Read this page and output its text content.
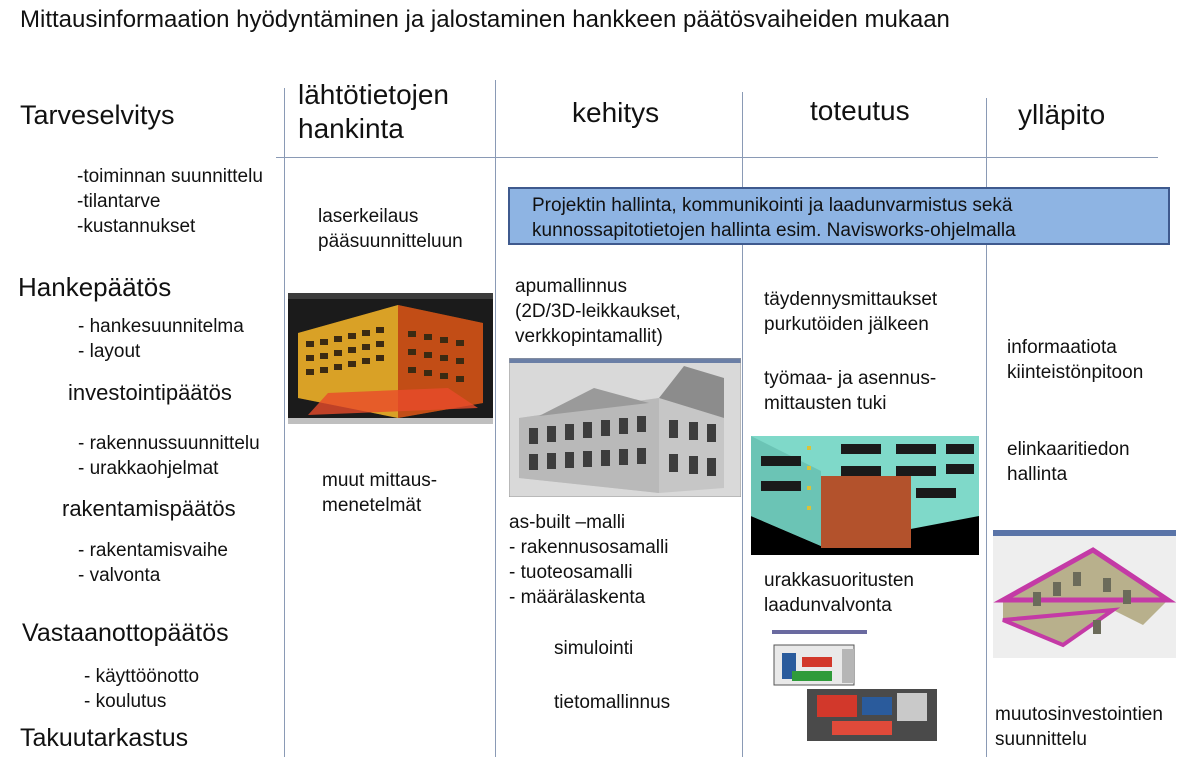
Mittausinformaation hyödyntäminen ja jalostaminen hankkeen päätösvaiheiden mukaan
Tarveselvitys
-toiminnan suunnittelu
-tilantarve
-kustannukset
Hankepäätös
- hankesuunnitelma
- layout
investointipäätös
- rakennussuunnittelu
- urakkaohjelmat
rakentamispäätös
- rakentamisvaihe
- valvonta
Vastaanottopäätös
- käyttöönotto
- koulutus
Takuutarkastus
lähtötietojen
hankinta
kehitys	toteutus	ylläpito
Projektin hallinta, kommunikointi ja laadunvarmistus sekä
kunnossapitotietojen hallinta esim. Navisworks-ohjelmalla
laserkeilaus
pääsuunnitteluun
muut mittaus-
menetelmät
apumallinnus
(2D/3D-leikkaukset,
verkkopintamallit)
as-built –malli
- rakennusosamalli
- tuoteosamalli
- määrälaskenta
simulointi
tietomallinnus
täydennysmittaukset
purkutöiden jälkeen
työmaa- ja asennus-
mittausten tuki
urakkasuoritusten
laadunvalvonta
informaatiota
kiinteistönpitoon
elinkaaritiedon
hallinta
muutosinvestointien
suunnittelu
